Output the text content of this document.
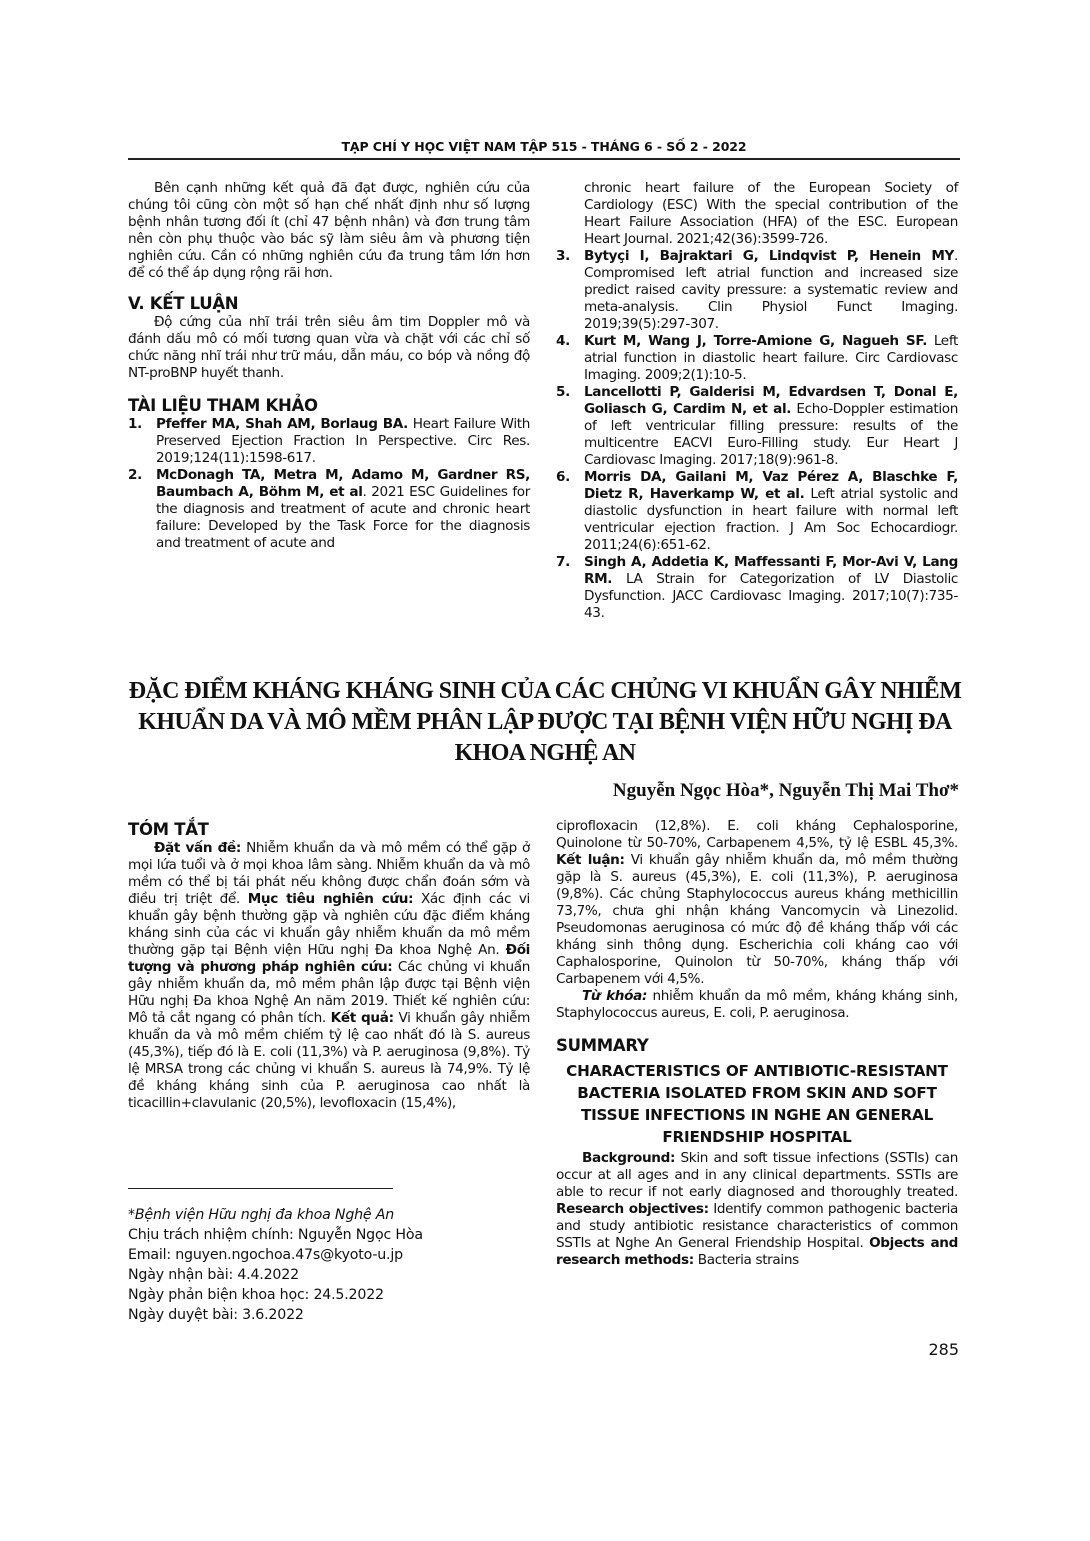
TẠP CHÍ Y HỌC VIỆT NAM TẬP 515 - THÁNG 6 - SỐ 2 - 2022

Bên cạnh những kết quả đã đạt được, nghiên cứu của chúng tôi cũng còn một số hạn chế nhất định như số lượng bệnh nhân tương đối ít (chỉ 47 bệnh nhân) và đơn trung tâm nên còn phụ thuộc vào bác sỹ làm siêu âm và phương tiện nghiên cứu. Cần có những nghiên cứu đa trung tâm lớn hơn để có thể áp dụng rộng rãi hơn.

V. KẾT LUẬN

Độ cứng của nhĩ trái trên siêu âm tim Doppler mô và đánh dấu mô có mối tương quan vừa và chặt với các chỉ số chức năng nhĩ trái như trữ máu, dẫn máu, co bóp và nồng độ NT-proBNP huyết thanh.

TÀI LIỆU THAM KHẢO
1.	Pfeffer MA, Shah AM, Borlaug BA. Heart Failure With Preserved Ejection Fraction In Perspective. Circ Res. 2019;124(11):1598-617.
2.	McDonagh TA, Metra M, Adamo M, Gardner RS, Baumbach A, Böhm M, et al. 2021 ESC Guidelines for the diagnosis and treatment of acute and chronic heart failure: Developed by the Task Force for the diagnosis and treatment of acute and
chronic heart failure of the European Society of Cardiology (ESC) With the special contribution of the Heart Failure Association (HFA) of the ESC. European Heart Journal. 2021;42(36):3599-726.
3.	Bytyçi I, Bajraktari G, Lindqvist P, Henein MY. Compromised left atrial function and increased size predict raised cavity pressure: a systematic review and meta-analysis. Clin Physiol Funct Imaging. 2019;39(5):297-307.
4.	Kurt M, Wang J, Torre-Amione G, Nagueh SF. Left atrial function in diastolic heart failure. Circ Cardiovasc Imaging. 2009;2(1):10-5.
5.	Lancellotti P, Galderisi M, Edvardsen T, Donal E, Goliasch G, Cardim N, et al. Echo-Doppler estimation of left ventricular filling pressure: results of the multicentre EACVI Euro-Filling study. Eur Heart J Cardiovasc Imaging. 2017;18(9):961-8.
6.	Morris DA, Gailani M, Vaz Pérez A, Blaschke F, Dietz R, Haverkamp W, et al. Left atrial systolic and diastolic dysfunction in heart failure with normal left ventricular ejection fraction. J Am Soc Echocardiogr. 2011;24(6):651-62.
7.	Singh A, Addetia K, Maffessanti F, Mor-Avi V, Lang RM. LA Strain for Categorization of LV Diastolic Dysfunction. JACC Cardiovasc Imaging. 2017;10(7):735-43.
ĐẶC ĐIỂM KHÁNG KHÁNG SINH CỦA CÁC CHỦNG VI KHUẨN GÂY NHIỄM KHUẨN DA VÀ MÔ MỀM PHÂN LẬP ĐƯỢC TẠI BỆNH VIỆN HỮU NGHỊ ĐA KHOA NGHỆ AN
Nguyễn Ngọc Hòa*, Nguyễn Thị Mai Thơ*
TÓM TẮT

Đặt vấn đề: Nhiễm khuẩn da và mô mềm có thể gặp ở mọi lứa tuổi và ở mọi khoa lâm sàng. Nhiễm khuẩn da và mô mềm có thể bị tái phát nếu không được chẩn đoán sớm và điều trị triệt để. Mục tiêu nghiên cứu: Xác định các vi khuẩn gây bệnh thường gặp và nghiên cứu đặc điểm kháng kháng sinh của các vi khuẩn gây nhiễm khuẩn da mô mềm thường gặp tại Bệnh viện Hữu nghị Đa khoa Nghệ An. Đối tượng và phương pháp nghiên cứu: Các chủng vi khuẩn gây nhiễm khuẩn da, mô mềm phân lập được tại Bệnh viện Hữu nghị Đa khoa Nghệ An năm 2019. Thiết kế nghiên cứu: Mô tả cắt ngang có phân tích. Kết quả: Vi khuẩn gây nhiễm khuẩn da và mô mềm chiếm tỷ lệ cao nhất đó là S. aureus (45,3%), tiếp đó là E. coli (11,3%) và P. aeruginosa (9,8%). Tỷ lệ MRSA trong các chủng vi khuẩn S. aureus là 74,9%. Tỷ lệ đề kháng kháng sinh của P. aeruginosa cao nhất là ticacillin+clavulanic (20,5%), levofloxacin (15,4%),

*Bệnh viện Hữu nghị đa khoa Nghệ An
Chịu trách nhiệm chính: Nguyễn Ngọc Hòa
Email: nguyen.ngochoa.47s@kyoto-u.jp
Ngày nhận bài: 4.4.2022
Ngày phản biện khoa học: 24.5.2022
Ngày duyệt bài: 3.6.2022

ciprofloxacin (12,8%). E. coli kháng Cephalosporine, Quinolone từ 50-70%, Carbapenem 4,5%, tỷ lệ ESBL 45,3%. Kết luận: Vi khuẩn gây nhiễm khuẩn da, mô mềm thường gặp là S. aureus (45,3%), E. coli (11,3%), P. aeruginosa (9,8%). Các chủng Staphylococcus aureus kháng methicillin 73,7%, chưa ghi nhận kháng Vancomycin và Linezolid. Pseudomonas aeruginosa có mức độ đề kháng thấp với các kháng sinh thông dụng. Escherichia coli kháng cao với Caphalosporine, Quinolon từ 50-70%, kháng thấp với Carbapenem với 4,5%.

Từ khóa: nhiễm khuẩn da mô mềm, kháng kháng sinh, Staphylococcus aureus, E. coli, P. aeruginosa.

SUMMARY
CHARACTERISTICS OF ANTIBIOTIC-RESISTANT BACTERIA ISOLATED FROM SKIN AND SOFT TISSUE INFECTIONS IN NGHE AN GENERAL FRIENDSHIP HOSPITAL

Background: Skin and soft tissue infections (SSTIs) can occur at all ages and in any clinical departments. SSTIs are able to recur if not early diagnosed and thoroughly treated. Research objectives: Identify common pathogenic bacteria and study antibiotic resistance characteristics of common SSTIs at Nghe An General Friendship Hospital. Objects and research methods: Bacteria strains

285
